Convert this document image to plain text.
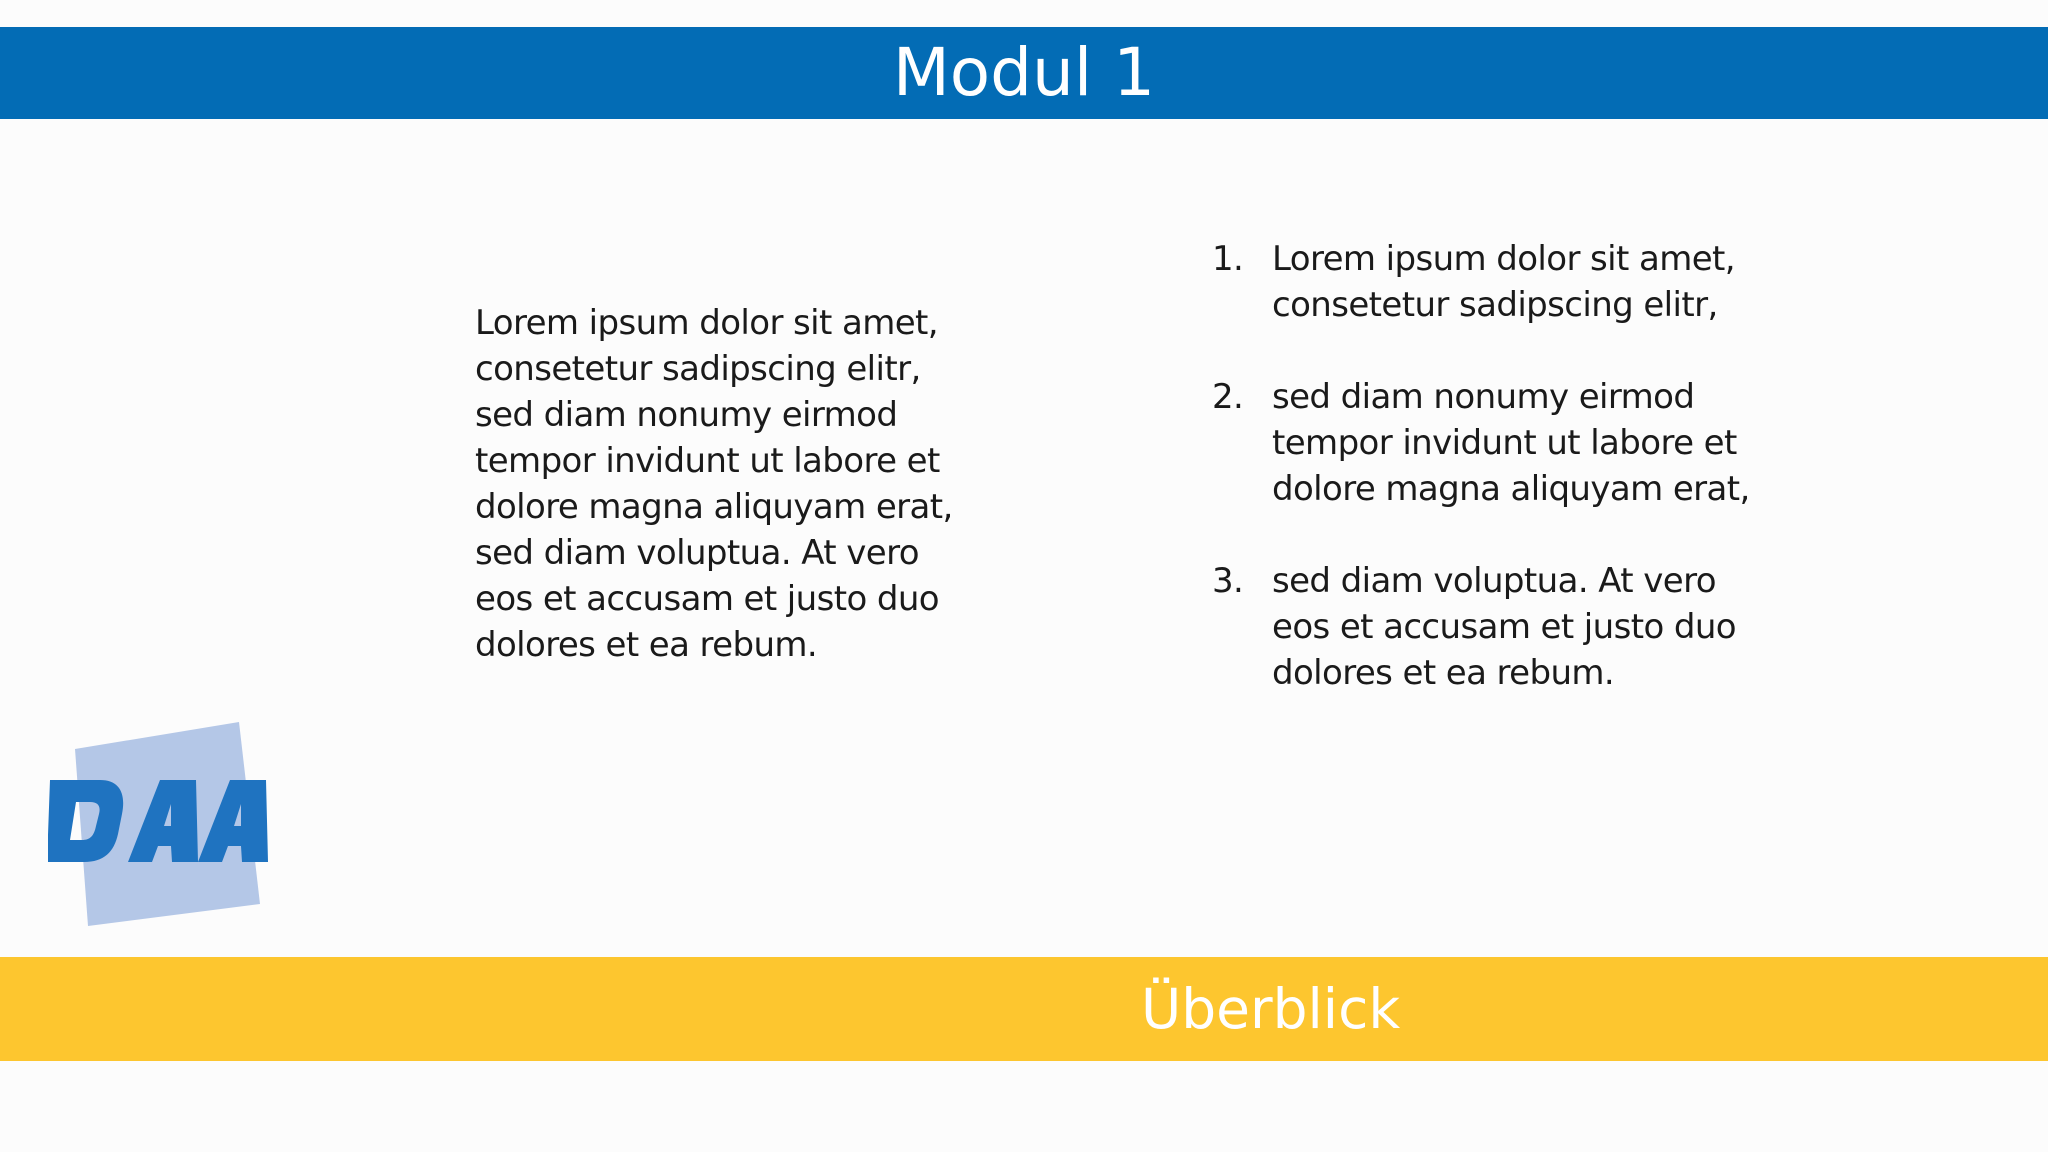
Modul 1
Lorem ipsum dolor sit amet, consetetur sadipscing elitr, sed diam nonumy eirmod tempor invidunt ut labore et dolore magna aliquyam erat, sed diam voluptua. At vero eos et accusam et justo duo dolores et ea rebum.
1. Lorem ipsum dolor sit amet, consetetur sadipscing elitr,
2. sed diam nonumy eirmod tempor invidunt ut labore et dolore magna aliquyam erat,
3. sed diam voluptua. At vero eos et accusam et justo duo dolores et ea rebum.
Überblick
